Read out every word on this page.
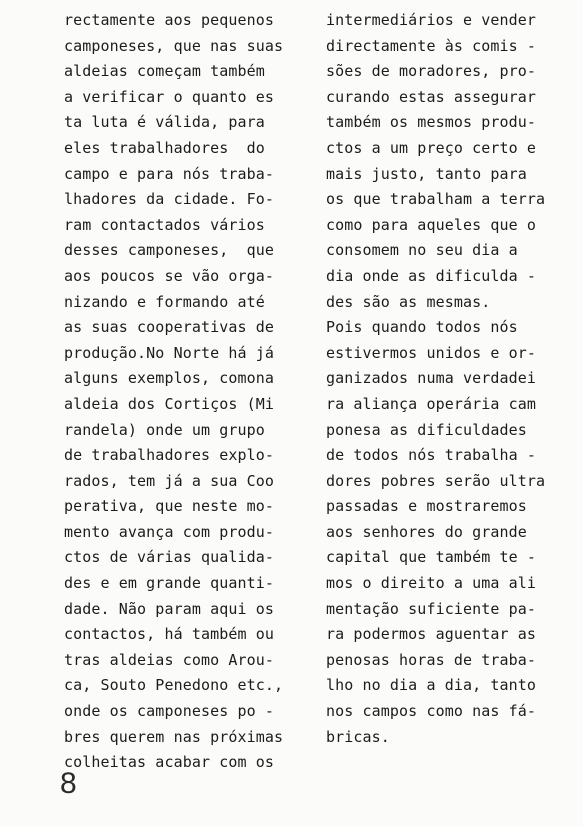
rectamente aos pequenos
camponeses, que nas suas
aldeias começam também
a verificar o quanto es
ta luta é válida, para
eles trabalhadores  do
campo e para nós traba-
lhadores da cidade. Fo-
ram contactados vários
desses camponeses,  que
aos poucos se vão orga-
nizando e formando até
as suas cooperativas de
produção.No Norte há já
alguns exemplos, comona
aldeia dos Cortiços (Mi
randela) onde um grupo
de trabalhadores explo-
rados, tem já a sua Coo
perativa, que neste mo-
mento avança com produ-
ctos de várias qualida-
des e em grande quanti-
dade. Não param aqui os
contactos, há também ou
tras aldeias como Arou-
ca, Souto Penedono etc.,
onde os camponeses po -
bres querem nas próximas
colheitas acabar com os
intermediários e vender
directamente às comis -
sões de moradores, pro-
curando estas assegurar
também os mesmos produ-
ctos a um preço certo e
mais justo, tanto para
os que trabalham a terra
como para aqueles que o
consomem no seu dia a
dia onde as dificulda -
des são as mesmas.
Pois quando todos nós
estivermos unidos e or-
ganizados numa verdadei
ra aliança operária cam
ponesa as dificuldades
de todos nós trabalha -
dores pobres serão ultra
passadas e mostraremos
aos senhores do grande
capital que também te -
mos o direito a uma ali
mentação suficiente pa-
ra podermos aguentar as
penosas horas de traba-
lho no dia a dia, tanto
nos campos como nas fá-
bricas.
8
